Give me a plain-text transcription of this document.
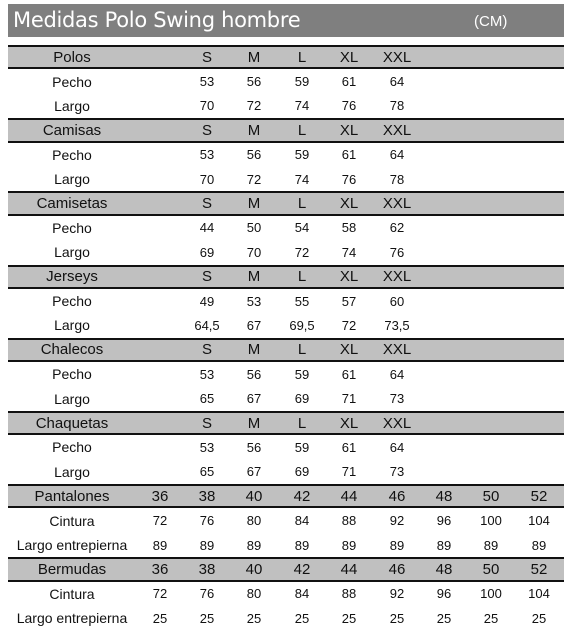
Medidas Polo Swing hombre	(CM)
Polos	S	M	L	XL	XXL
Pecho	53	56	59	61	64
Largo	70	72	74	76	78
Camisas	S	M	L	XL	XXL
Pecho	53	56	59	61	64
Largo	70	72	74	76	78
Camisetas	S	M	L	XL	XXL
Pecho	44	50	54	58	62
Largo	69	70	72	74	76
Jerseys	S	M	L	XL	XXL
Pecho	49	53	55	57	60
Largo	64,5	67	69,5	72	73,5
Chalecos	S	M	L	XL	XXL
Pecho	53	56	59	61	64
Largo	65	67	69	71	73
Chaquetas	S	M	L	XL	XXL
Pecho	53	56	59	61	64
Largo	65	67	69	71	73
Pantalones	36	38	40	42	44	46	48	50	52
Cintura	72	76	80	84	88	92	96	100	104
Largo entrepierna	89	89	89	89	89	89	89	89	89
Bermudas	36	38	40	42	44	46	48	50	52
Cintura	72	76	80	84	88	92	96	100	104
Largo entrepierna	25	25	25	25	25	25	25	25	25
